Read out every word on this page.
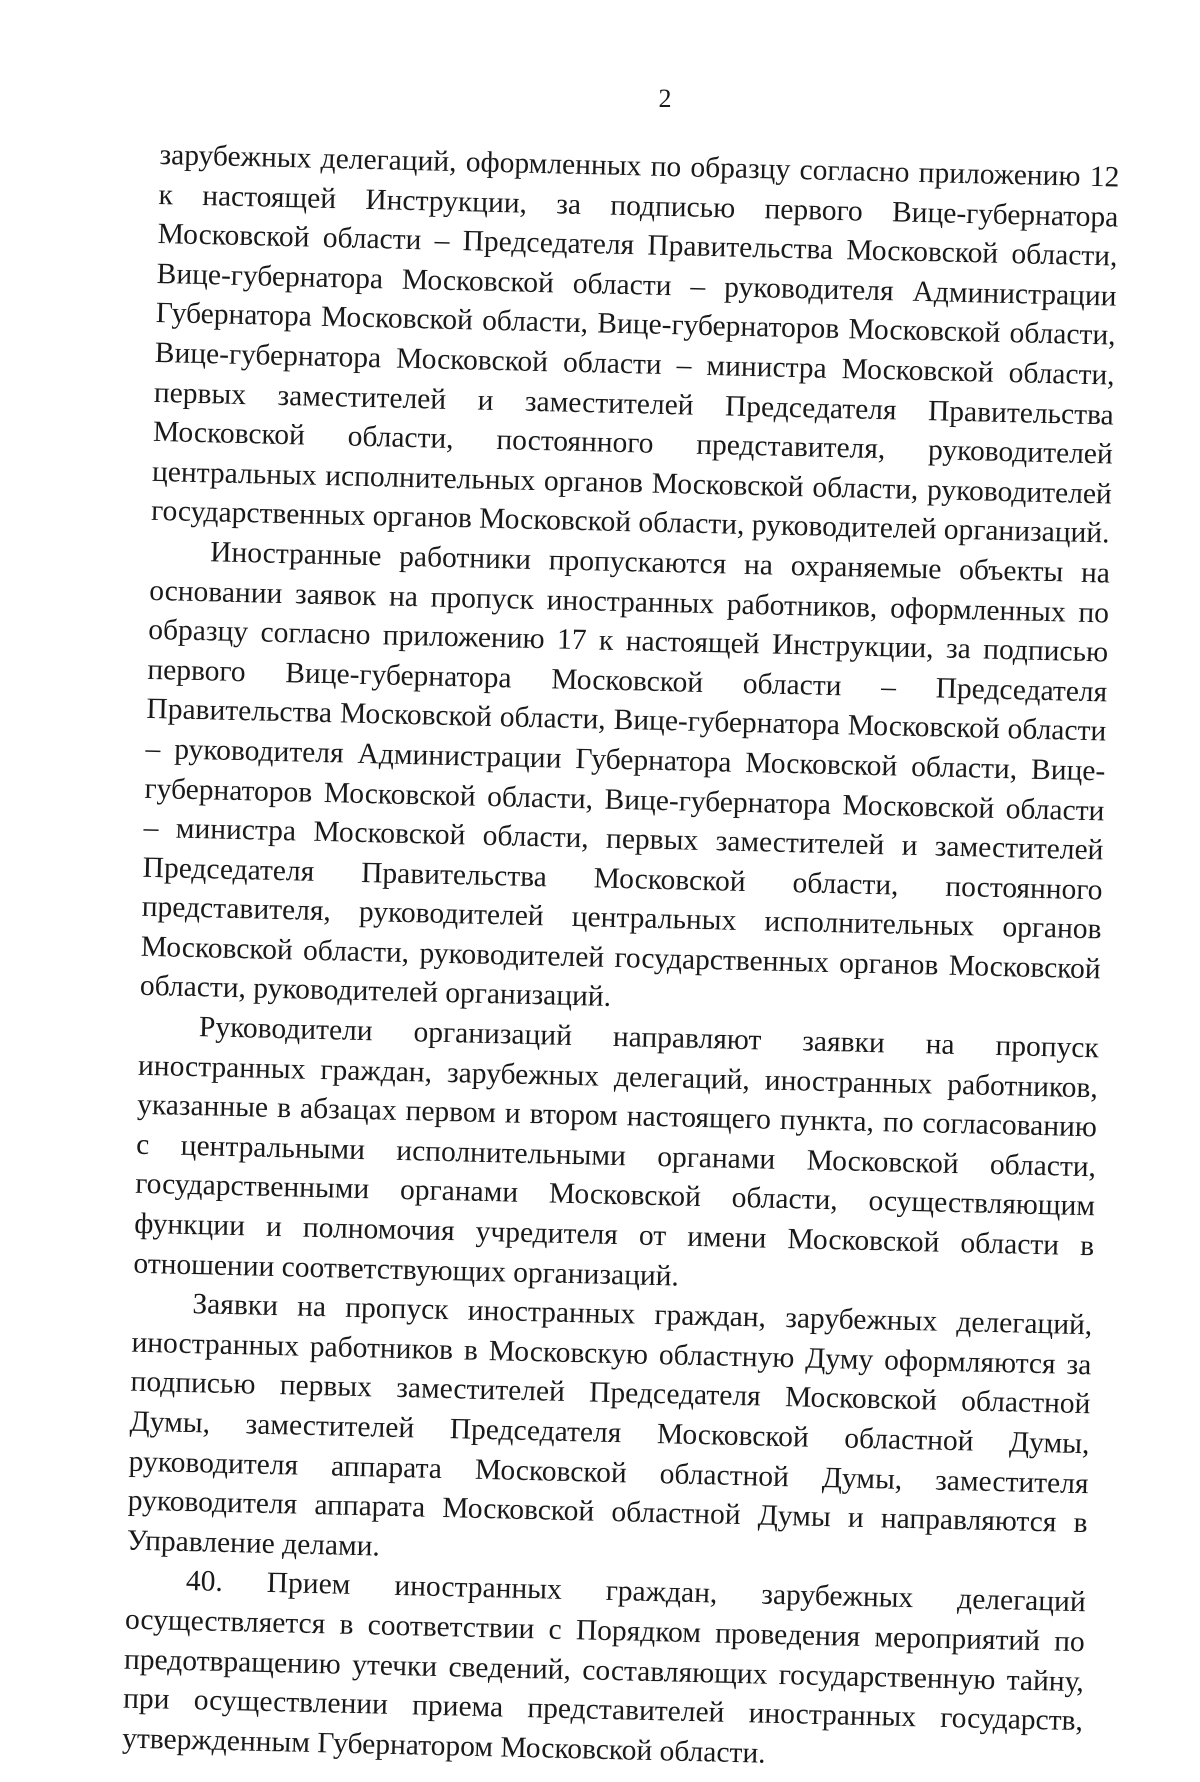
2

зарубежных делегаций, оформленных по образцу согласно приложению 12 к настоящей Инструкции, за подписью первого Вице-губернатора Московской области – Председателя Правительства Московской области, Вице-губернатора Московской области – руководителя Администрации Губернатора Московской области, Вице-губернаторов Московской области, Вице-губернатора Московской области – министра Московской области, первых заместителей и заместителей Председателя Правительства Московской области, постоянного представителя, руководителей центральных исполнительных органов Московской области, руководителей государственных органов Московской области, руководителей организаций.

Иностранные работники пропускаются на охраняемые объекты на основании заявок на пропуск иностранных работников, оформленных по образцу согласно приложению 17 к настоящей Инструкции, за подписью первого Вице-губернатора Московской области – Председателя Правительства Московской области, Вице-губернатора Московской области – руководителя Администрации Губернатора Московской области, Вице-губернаторов Московской области, Вице-губернатора Московской области – министра Московской области, первых заместителей и заместителей Председателя Правительства Московской области, постоянного представителя, руководителей центральных исполнительных органов Московской области, руководителей государственных органов Московской области, руководителей организаций.

Руководители организаций направляют заявки на пропуск иностранных граждан, зарубежных делегаций, иностранных работников, указанные в абзацах первом и втором настоящего пункта, по согласованию с центральными исполнительными органами Московской области, государственными органами Московской области, осуществляющим функции и полномочия учредителя от имени Московской области в отношении соответствующих организаций.

Заявки на пропуск иностранных граждан, зарубежных делегаций, иностранных работников в Московскую областную Думу оформляются за подписью первых заместителей Председателя Московской областной Думы, заместителей Председателя Московской областной Думы, руководителя аппарата Московской областной Думы, заместителя руководителя аппарата Московской областной Думы и направляются в Управление делами.

40. Прием иностранных граждан, зарубежных делегаций осуществляется в соответствии с Порядком проведения мероприятий по предотвращению утечки сведений, составляющих государственную тайну, при осуществлении приема представителей иностранных государств, утвержденным Губернатором Московской области.
